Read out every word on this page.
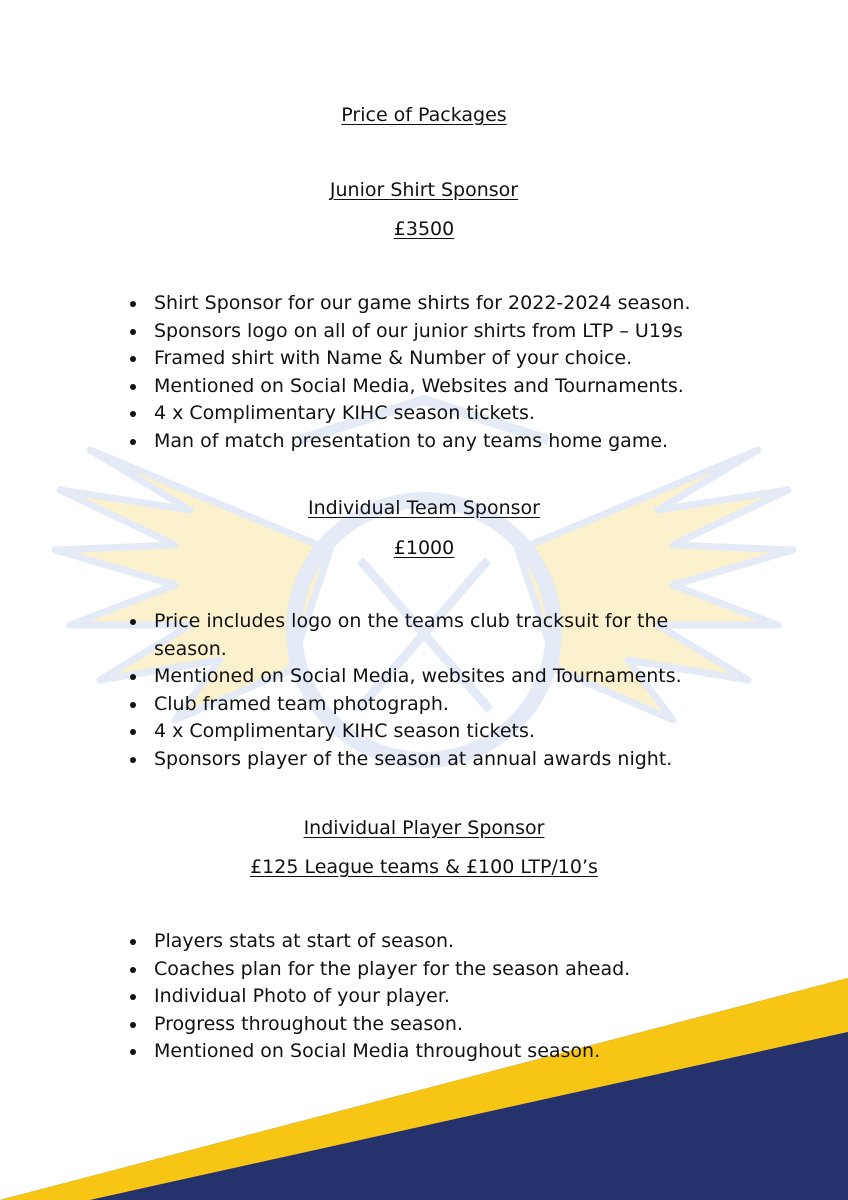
Price of Packages
Junior Shirt Sponsor
£3500
Shirt Sponsor for our game shirts for 2022-2024 season.
Sponsors logo on all of our junior shirts from LTP – U19s
Framed shirt with Name & Number of your choice.
Mentioned on Social Media, Websites and Tournaments.
4 x Complimentary KIHC season tickets.
Man of match presentation to any teams home game.
Individual Team Sponsor
£1000
Price includes logo on the teams club tracksuit for the season.
Mentioned on Social Media, websites and Tournaments.
Club framed team photograph.
4 x Complimentary KIHC season tickets.
Sponsors player of the season at annual awards night.
Individual Player Sponsor
£125 League teams & £100 LTP/10’s
Players stats at start of season.
Coaches plan for the player for the season ahead.
Individual Photo of your player.
Progress throughout the season.
Mentioned on Social Media throughout season.
